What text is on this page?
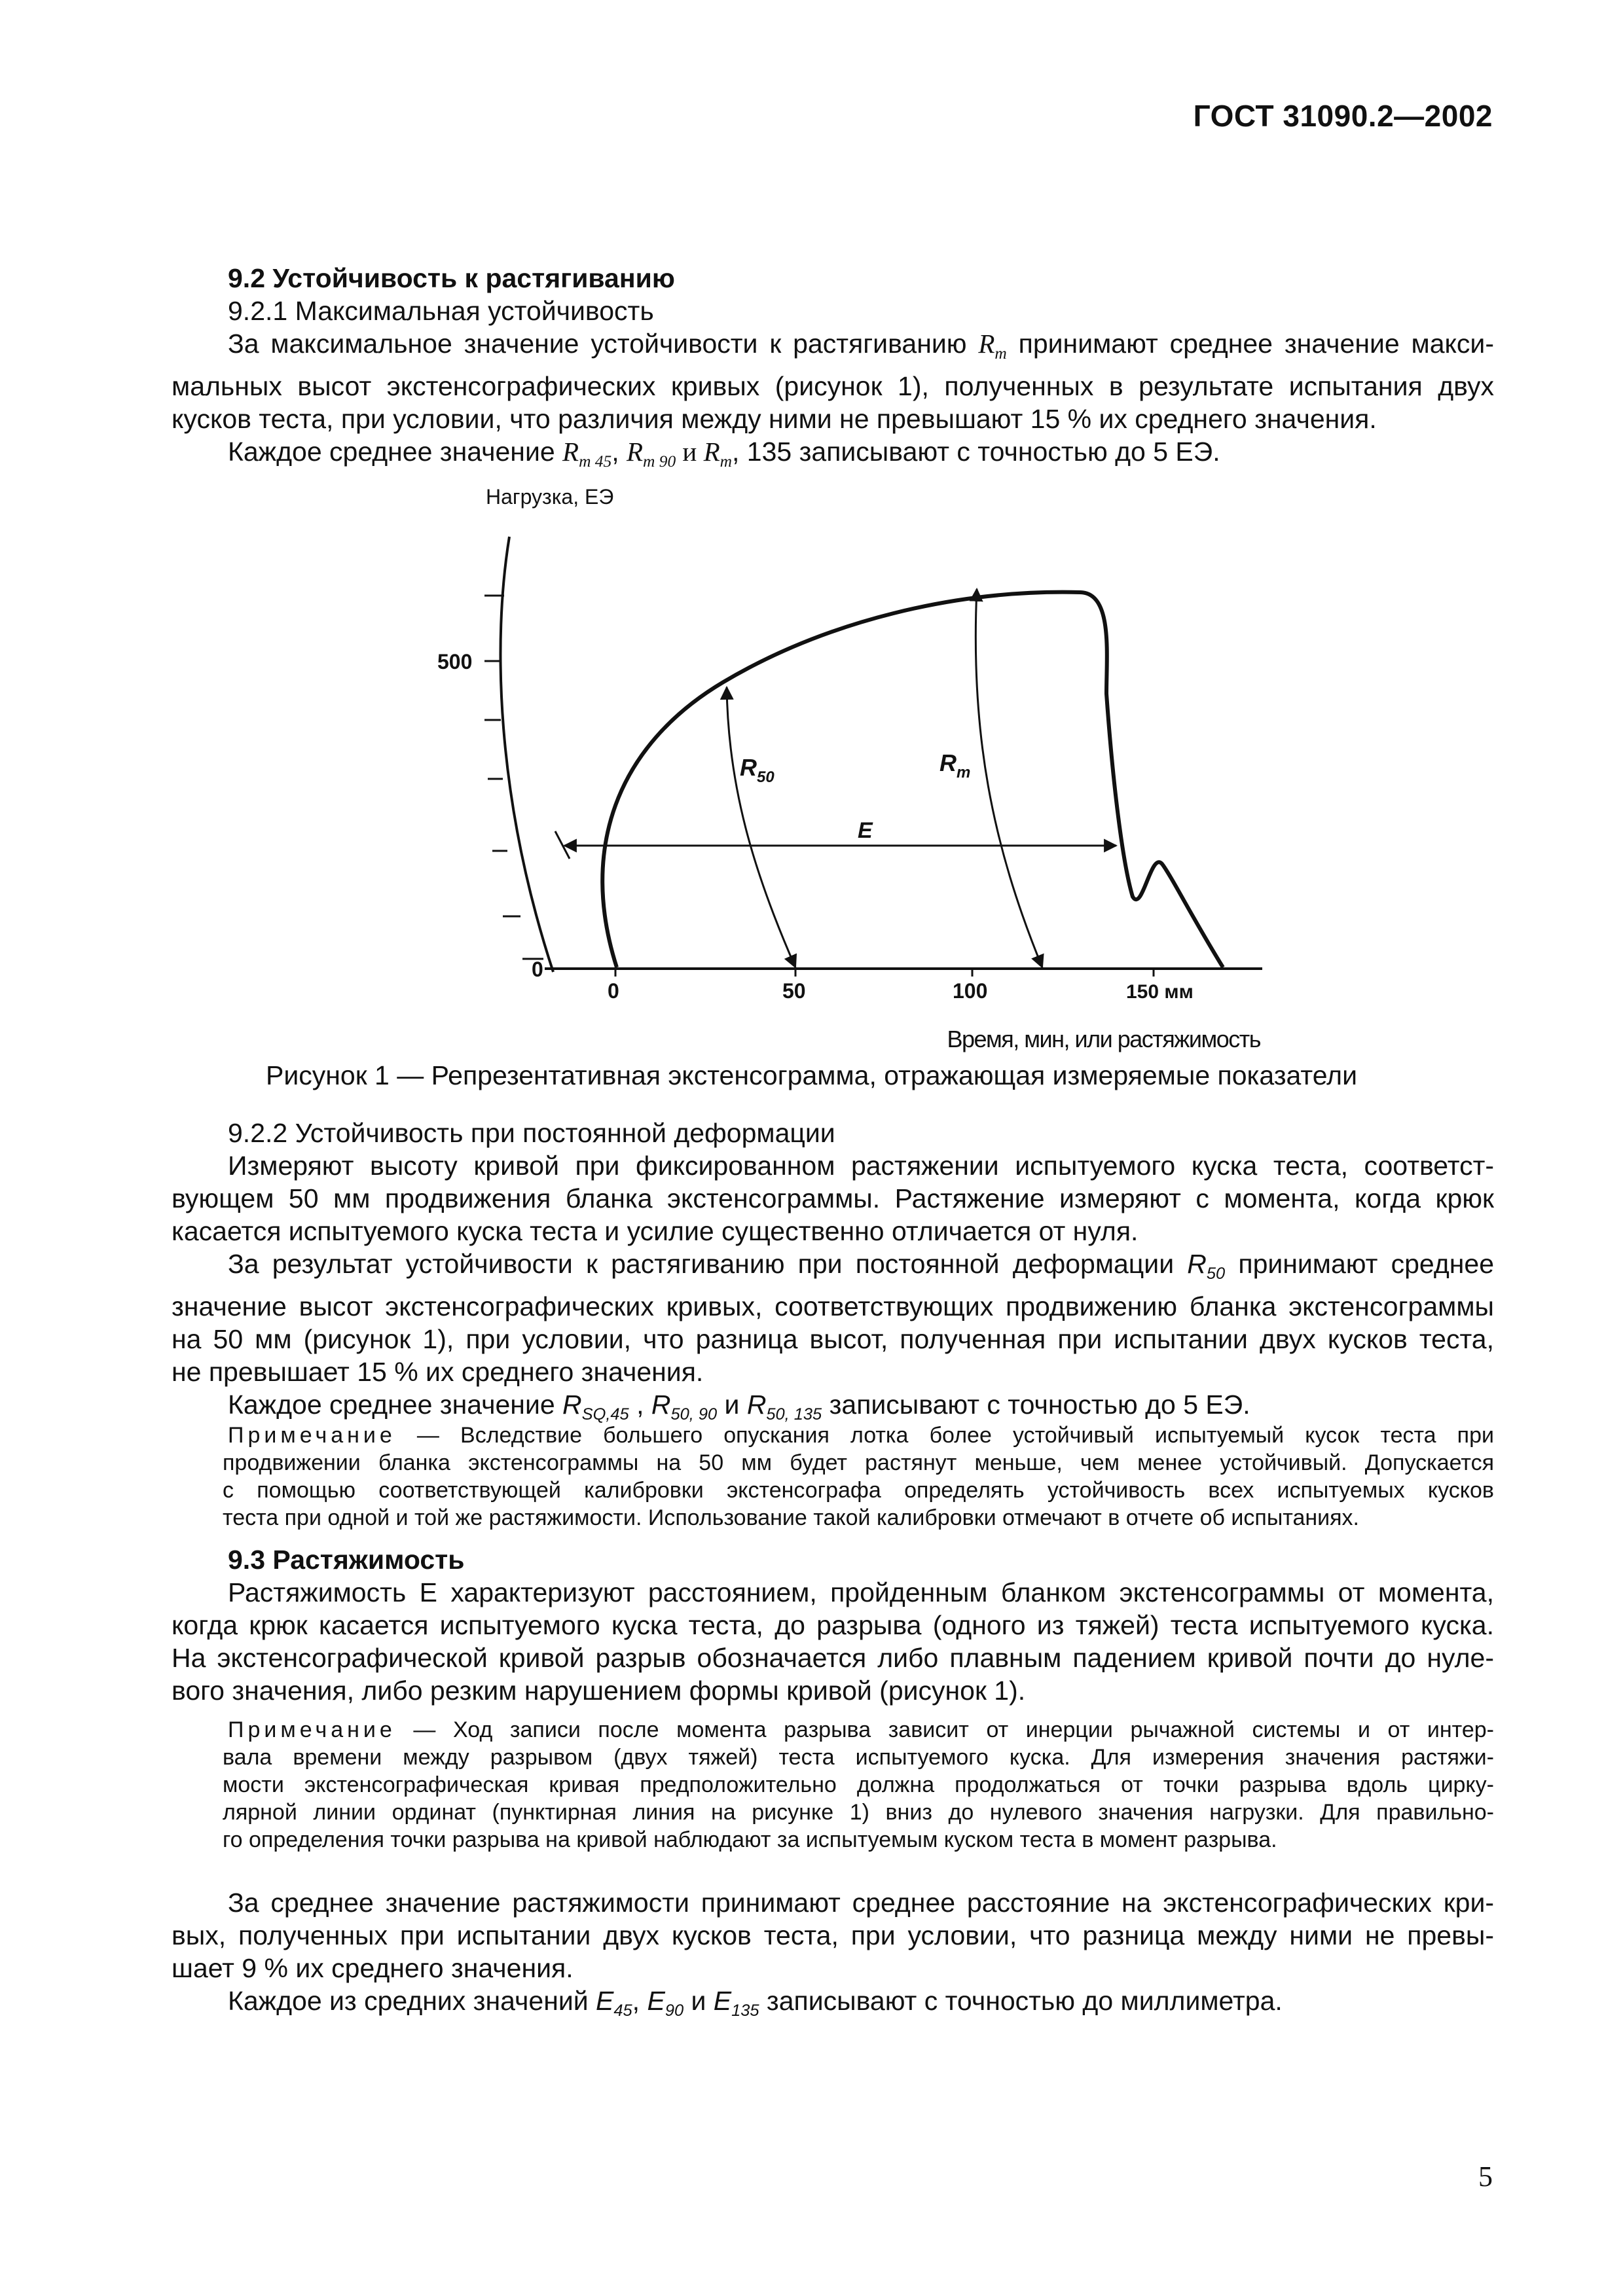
ГОСТ 31090.2—2002
9.2 Устойчивость к растягиванию
9.2.1 Максимальная устойчивость
За максимальное значение устойчивости к растягиванию $R_m$ принимают среднее значение макси-
мальных высот экстенсографических кривых (рисунок 1), полученных в результате испытания двух
кусков теста, при условии, что различия между ними не превышают 15 % их среднего значения.
Каждое среднее значение $R_{m 45}$, $R_{m 90}$ и $R_m$, 135 записывают с точностью до 5 ЕЭ.
Нагрузка, ЕЭ
500
0
0	50	100	150 мм
E
$R_{50}$
$R_m$
Время, мин, или растяжимость
Рисунок 1 — Репрезентативная экстенсограмма, отражающая измеряемые показатели
9.2.2 Устойчивость при постоянной деформации
Измеряют высоту кривой при фиксированном растяжении испытуемого куска теста, соответст-
вующем 50 мм продвижения бланка экстенсограммы. Растяжение измеряют с момента, когда крюк
касается испытуемого куска теста и усилие существенно отличается от нуля.
За результат устойчивости к растягиванию при постоянной деформации $R_{50}$ принимают среднее
значение высот экстенсографических кривых, соответствующих продвижению бланка экстенсограммы
на 50 мм (рисунок 1), при условии, что разница высот, полученная при испытании двух кусков теста,
не превышает 15 % их среднего значения.
Каждое среднее значение $R_{SQ,45}$ , $R_{50, 90}$ и $R_{50, 135}$ записывают с точностью до 5 ЕЭ.
Примечание — Вследствие большего опускания лотка более устойчивый испытуемый кусок теста при
продвижении бланка экстенсограммы на 50 мм будет растянут меньше, чем менее устойчивый. Допускается
с помощью соответствующей калибровки экстенсографа определять устойчивость всех испытуемых кусков
теста при одной и той же растяжимости. Использование такой калибровки отмечают в отчете об испытаниях.
9.3 Растяжимость
Растяжимость Е характеризуют расстоянием, пройденным бланком экстенсограммы от момента,
когда крюк касается испытуемого куска теста, до разрыва (одного из тяжей) теста испытуемого куска.
На экстенсографической кривой разрыв обозначается либо плавным падением кривой почти до нуле-
вого значения, либо резким нарушением формы кривой (рисунок 1).
Примечание — Ход записи после момента разрыва зависит от инерции рычажной системы и от интер-
вала времени между разрывом (двух тяжей) теста испытуемого куска. Для измерения значения растяжи-
мости экстенсографическая кривая предположительно должна продолжаться от точки разрыва вдоль цирку-
лярной линии ординат (пунктирная линия на рисунке 1) вниз до нулевого значения нагрузки. Для правильно-
го определения точки разрыва на кривой наблюдают за испытуемым куском теста в момент разрыва.
За среднее значение растяжимости принимают среднее расстояние на экстенсографических кри-
вых, полученных при испытании двух кусков теста, при условии, что разница между ними не превы-
шает 9 % их среднего значения.
Каждое из средних значений $E_{45}$, $E_{90}$ и $E_{135}$ записывают с точностью до миллиметра.
5
